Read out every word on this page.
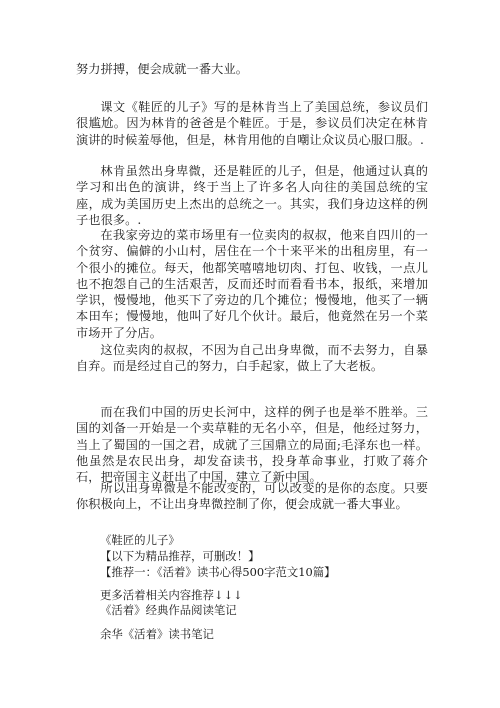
努力拼搏，便会成就一番大业。

课文《鞋匠的儿子》写的是林肯当上了美国总统，参议员们很尴尬。因为林肯的爸爸是个鞋匠。于是，参议员们决定在林肯演讲的时候羞辱他，但是，林肯用他的自嘲让众议员心服口服。.

林肯虽然出身卑微，还是鞋匠的儿子，但是，他通过认真的学习和出色的演讲，终于当上了许多名人向往的美国总统的宝座，成为美国历史上杰出的总统之一。其实，我们身边这样的例子也很多。.

在我家旁边的菜市场里有一位卖肉的叔叔，他来自四川的一个贫穷、偏僻的小山村，居住在一个十来平米的出租房里，有一个很小的摊位。每天，他都笑嘻嘻地切肉、打包、收钱，一点儿也不抱怨自己的生活艰苦，反而还时而看看书本，报纸，来增加学识，慢慢地，他买下了旁边的几个摊位；慢慢地，他买了一辆本田车；慢慢地，他叫了好几个伙计。最后，他竟然在另一个菜市场开了分店。

这位卖肉的叔叔，不因为自己出身卑微，而不去努力，自暴自弃。而是经过自己的努力，白手起家，做上了大老板。

而在我们中国的历史长河中，这样的例子也是举不胜举。三国的刘备一开始是一个卖草鞋的无名小卒，但是，他经过努力，当上了蜀国的一国之君，成就了三国鼎立的局面;毛泽东也一样。他虽然是农民出身，却发奋读书，投身革命事业，打败了蒋介石，把帝国主义赶出了中国，建立了新中国。

所以出身卑微是不能改变的，可以改变的是你的态度。只要你积极向上，不让出身卑微控制了你，便会成就一番大事业。

《鞋匠的儿子》
【以下为精品推荐，可删改！】
【推荐一：《活着》读书心得500字范文10篇】
更多活着相关内容推荐↓↓↓
《活着》经典作品阅读笔记
余华《活着》读书笔记
